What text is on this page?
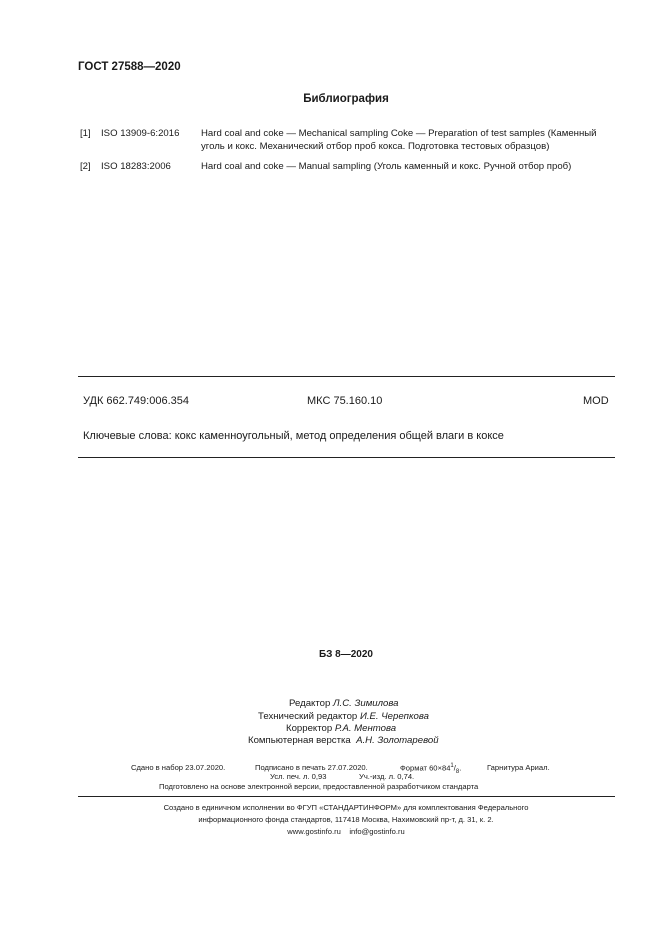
ГОСТ 27588—2020
Библиография
[1] ISO 13909-6:2016 Hard coal and coke — Mechanical sampling Coke — Preparation of test samples (Каменный уголь и кокс. Механический отбор проб кокса. Подготовка тестовых образцов)
[2] ISO 18283:2006	Hard coal and coke — Manual sampling (Уголь каменный и кокс. Ручной отбор проб)
УДК 662.749:006.354	МКС 75.160.10	MOD
Ключевые слова: кокс каменноугольный, метод определения общей влаги в коксе
БЗ 8—2020
Редактор Л.С. Зимилова
Технический редактор И.Е. Черепкова
Корректор Р.А. Ментова
Компьютерная верстка А.Н. Золотаревой
Сдано в набор 23.07.2020.	Подписано в печать 27.07.2020.	Формат $60\times 84^1/_8$.	Гарнитура Ариал.
Усл. печ. л. 0,93	Уч.-изд. л. 0,74.
Подготовлено на основе электронной версии, предоставленной разработчиком стандарта
Создано в единичном исполнении во ФГУП «СТАНДАРТИНФОРМ» для комплектования Федерального
информационного фонда стандартов, 117418 Москва, Нахимовский пр-т, д. 31, к. 2.
www.gostinfo.ru info@gostinfo.ru
